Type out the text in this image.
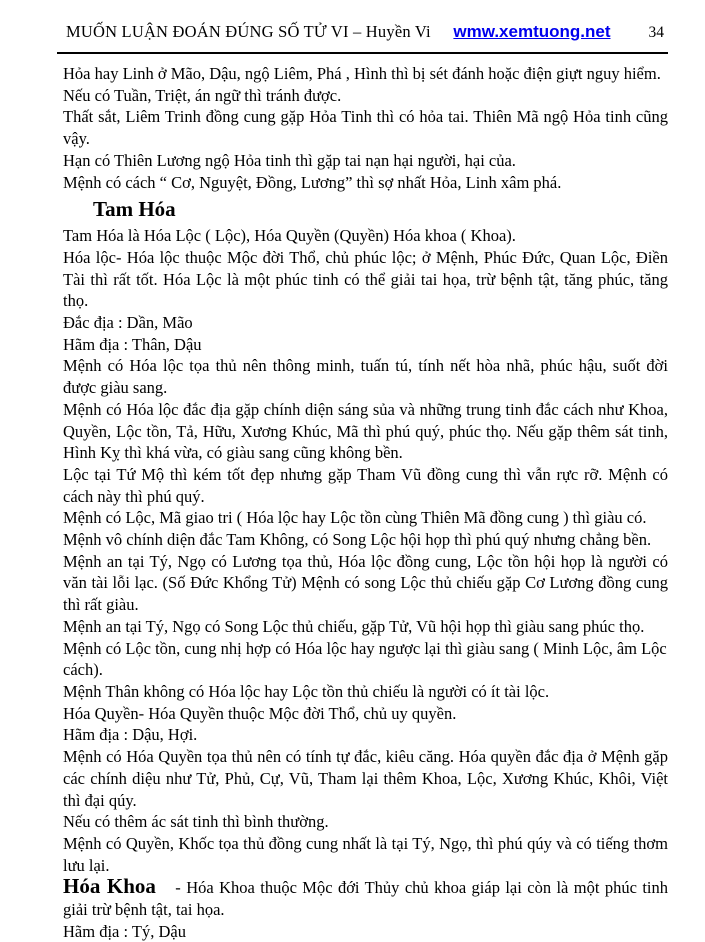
MUỐN LUẬN ĐOÁN ĐÚNG SỐ TỬ VI – Huyền Vi	wmw.xemtuong.net 34

Hỏa hay Linh ở Mão, Dậu, ngộ Liêm, Phá , Hình thì bị sét đánh hoặc điện giựt nguy hiểm.

Nếu có Tuần, Triệt, án ngữ thì tránh được.

Thất sắt, Liêm Trinh đồng cung gặp Hỏa Tinh thì có hỏa tai. Thiên Mã ngộ Hỏa tinh cũng vậy.

Hạn có Thiên Lương ngộ Hỏa tinh thì gặp tai nạn hại người, hại của.

Mệnh có cách “ Cơ, Nguyệt, Đồng, Lương” thì sợ nhất Hỏa, Linh xâm phá.

Tam Hóa

Tam Hóa là Hóa Lộc ( Lộc), Hóa Quyền (Quyền) Hóa khoa ( Khoa).

Hóa lộc- Hóa lộc thuộc Mộc đời Thổ, chủ phúc lộc; ở Mệnh, Phúc Đức, Quan Lộc, Điền Tài thì rất tốt. Hóa Lộc là một phúc tinh có thể giải tai họa, trừ bệnh tật, tăng phúc, tăng thọ.

Đắc địa : Dần, Mão

Hãm địa : Thân, Dậu

Mệnh có Hóa lộc tọa thủ nên thông minh, tuấn tú, tính nết hòa nhã, phúc hậu, suốt đời được giàu sang.

Mệnh có Hóa lộc đắc địa gặp chính diện sáng sủa và những trung tinh đắc cách như Khoa, Quyền, Lộc tồn, Tả, Hữu, Xương Khúc, Mã thì phú quý, phúc thọ. Nếu gặp thêm sát tinh, Hình Kỵ thì khá vừa, có giàu sang cũng không bền.

Lộc tại Tứ Mộ thì kém tốt đẹp nhưng gặp Tham Vũ đồng cung thì vẫn rực rỡ. Mệnh có cách này thì phú quý.

Mệnh có Lộc, Mã giao tri ( Hóa lộc hay Lộc tồn cùng Thiên Mã đồng cung ) thì giàu có.

Mệnh vô chính diện đắc Tam Không, có Song Lộc hội họp thì phú quý nhưng chẳng bền.

Mệnh an tại Tý, Ngọ có Lương tọa thủ, Hóa lộc đồng cung, Lộc tồn hội họp là người có văn tài lỗi lạc. (Số Đức Khổng Tử) Mệnh có song Lộc thủ chiếu gặp Cơ Lương đồng cung thì rất giàu.

Mệnh an tại Tý, Ngọ có Song Lộc thủ chiếu, gặp Tử, Vũ hội họp thì giàu sang phúc thọ.

Mệnh có Lộc tồn, cung nhị hợp có Hóa lộc hay ngược lại thì giàu sang ( Minh Lộc, âm Lộc cách).

Mệnh Thân không có Hóa lộc hay Lộc tồn thủ chiếu là người có ít tài lộc.

Hóa Quyền- Hóa Quyền thuộc Mộc đời Thổ, chủ uy quyền.

Hãm địa : Dậu, Hợi.

Mệnh có Hóa Quyền tọa thủ nên có tính tự đắc, kiêu căng. Hóa quyền đắc địa ở Mệnh gặp các chính diệu như Tử, Phủ, Cự, Vũ, Tham lại thêm Khoa, Lộc, Xương Khúc, Khôi, Việt thì đại qúy.

Nếu có thêm ác sát tinh thì bình thường.

Mệnh có Quyền, Khốc tọa thủ đồng cung nhất là tại Tý, Ngọ, thì phú qúy và có tiếng thơm lưu lại.

Hóa Khoa - Hóa Khoa thuộc Mộc đới Thủy chủ khoa giáp lại còn là một phúc tinh giải trừ bệnh tật, tai họa.

Hãm địa : Tý, Dậu
